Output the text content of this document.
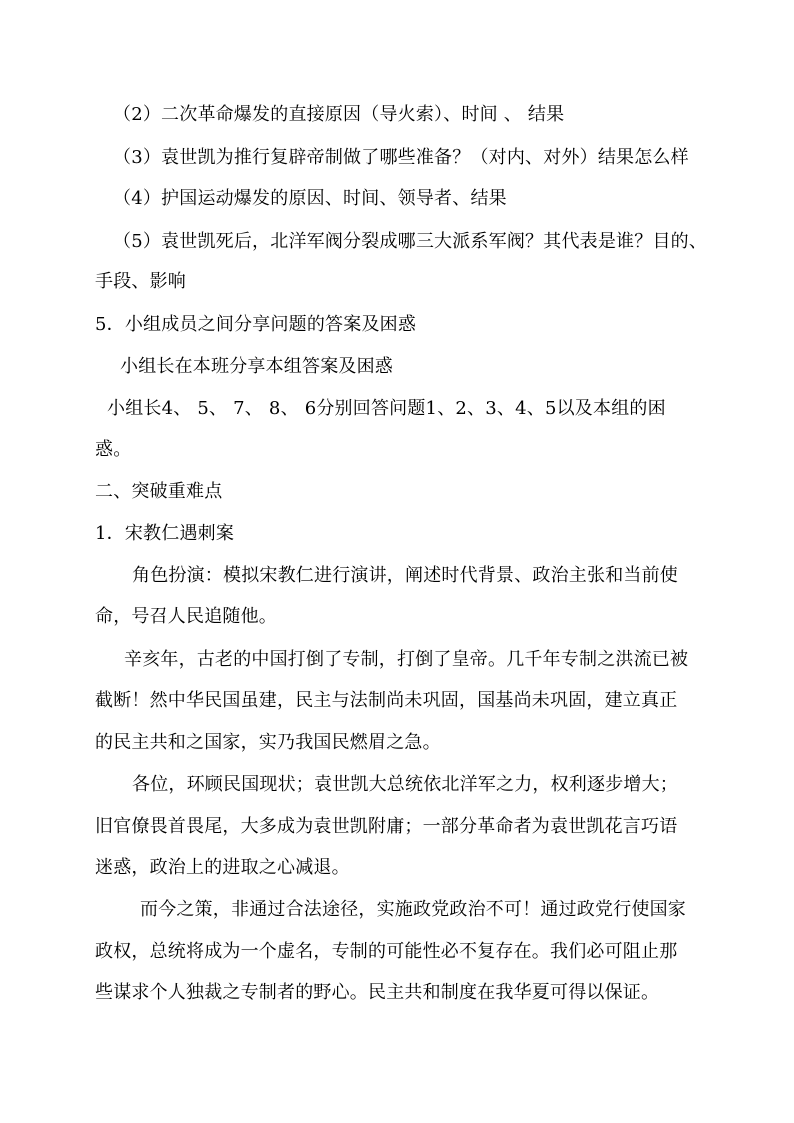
（2）二次革命爆发的直接原因（导火索）、时间 、 结果
（3）袁世凯为推行复辟帝制做了哪些准备？（对内、对外）结果怎么样
（4）护国运动爆发的原因、时间、领导者、结果
（5）袁世凯死后，北洋军阀分裂成哪三大派系军阀？其代表是谁？目的、
手段、影响
5．小组成员之间分享问题的答案及困惑
小组长在本班分享本组答案及困惑
小组长4、 5、 7、 8、 6分别回答问题1、2、3、4、5以及本组的困
惑。
二、突破重难点
1．宋教仁遇刺案
角色扮演：模拟宋教仁进行演讲，阐述时代背景、政治主张和当前使
命，号召人民追随他。
辛亥年，古老的中国打倒了专制，打倒了皇帝。几千年专制之洪流已被
截断！然中华民国虽建，民主与法制尚未巩固，国基尚未巩固，建立真正
的民主共和之国家，实乃我国民燃眉之急。
各位，环顾民国现状；袁世凯大总统依北洋军之力，权利逐步增大；
旧官僚畏首畏尾，大多成为袁世凯附庸；一部分革命者为袁世凯花言巧语
迷惑，政治上的进取之心减退。
而今之策，非通过合法途径，实施政党政治不可！通过政党行使国家
政权，总统将成为一个虚名，专制的可能性必不复存在。我们必可阻止那
些谋求个人独裁之专制者的野心。民主共和制度在我华夏可得以保证。
